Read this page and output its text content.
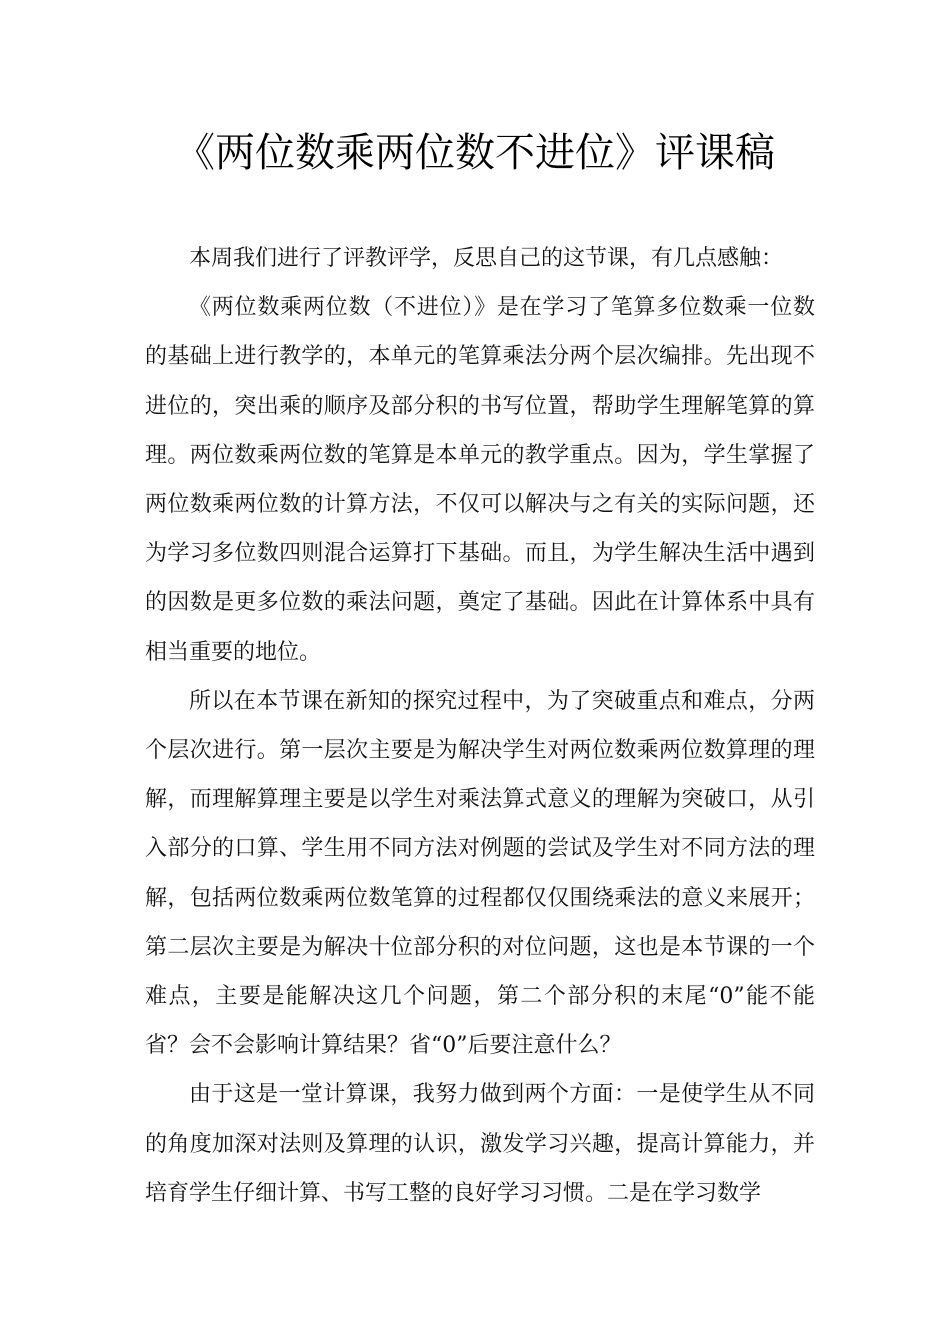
《两位数乘两位数不进位》评课稿

本周我们进行了评教评学，反思自己的这节课，有几点感触：

《两位数乘两位数（不进位）》是在学习了笔算多位数乘一位数的基础上进行教学的，本单元的笔算乘法分两个层次编排。先出现不进位的，突出乘的顺序及部分积的书写位置，帮助学生理解笔算的算理。两位数乘两位数的笔算是本单元的教学重点。因为，学生掌握了两位数乘两位数的计算方法，不仅可以解决与之有关的实际问题，还为学习多位数四则混合运算打下基础。而且，为学生解决生活中遇到的因数是更多位数的乘法问题，奠定了基础。因此在计算体系中具有相当重要的地位。

所以在本节课在新知的探究过程中，为了突破重点和难点，分两个层次进行。第一层次主要是为解决学生对两位数乘两位数算理的理解，而理解算理主要是以学生对乘法算式意义的理解为突破口，从引入部分的口算、学生用不同方法对例题的尝试及学生对不同方法的理解，包括两位数乘两位数笔算的过程都仅仅围绕乘法的意义来展开；第二层次主要是为解决十位部分积的对位问题，这也是本节课的一个难点，主要是能解决这几个问题，第二个部分积的末尾“0”能不能省？会不会影响计算结果？省“0”后要注意什么？

由于这是一堂计算课，我努力做到两个方面：一是使学生从不同的角度加深对法则及算理的认识，激发学习兴趣，提高计算能力，并培育学生仔细计算、书写工整的良好学习习惯。二是在学习数学
